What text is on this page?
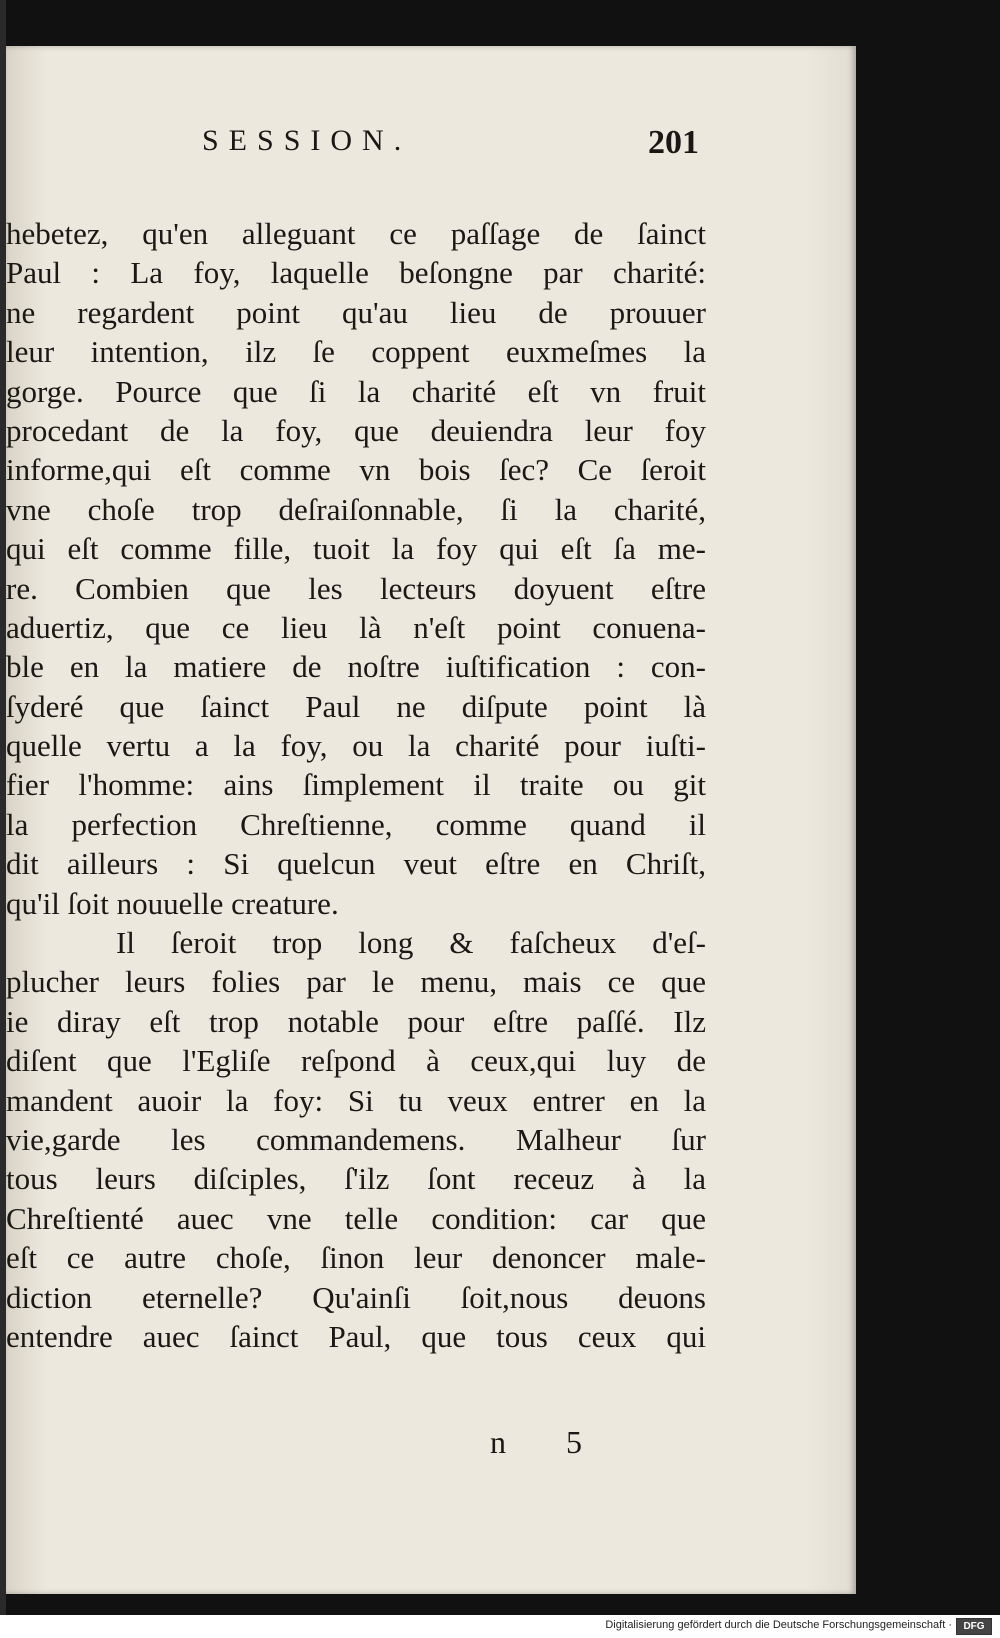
SESSION.	201
hebetez, qu'en alleguant ce paſſage de ſainct
Paul : La foy, laquelle beſongne par charité:
ne regardent point qu'au lieu de prouuer
leur intention, ilz ſe coppent euxmeſmes la
gorge. Pource que ſi la charité eſt vn fruit
procedant de la foy, que deuiendra leur foy
informe,qui eſt comme vn bois ſec? Ce ſeroit
vne choſe trop deſraiſonnable, ſi la charité,
qui eſt comme fille, tuoit la foy qui eſt ſa me-
re. Combien que les lecteurs doyuent eſtre
aduertiz, que ce lieu là n'eſt point conuena-
ble en la matiere de noſtre iuſtification : con-
ſyderé que ſainct Paul ne diſpute point là
quelle vertu a la foy, ou la charité pour iuſti-
fier l'homme: ains ſimplement il traite ou git
la perfection Chreſtienne, comme quand il
dit ailleurs : Si quelcun veut eſtre en Chriſt,
qu'il ſoit nouuelle creature.
Il ſeroit trop long & faſcheux d'eſ-
plucher leurs folies par le menu, mais ce que
ie diray eſt trop notable pour eſtre paſſé. Ilz
diſent que l'Egliſe reſpond à ceux,qui luy de
mandent auoir la foy: Si tu veux entrer en la
vie,garde les commandemens. Malheur ſur
tous leurs diſciples, ſ'ilz ſont receuz à la
Chreſtienté auec vne telle condition: car que
eſt ce autre choſe, ſinon leur denoncer male-
diction eternelle? Qu'ainſi ſoit,nous deuons
entendre auec ſainct Paul, que tous ceux qui
n 5
Digitalisierung gefördert durch die Deutsche Forschungsgemeinschaft ·	DFG
